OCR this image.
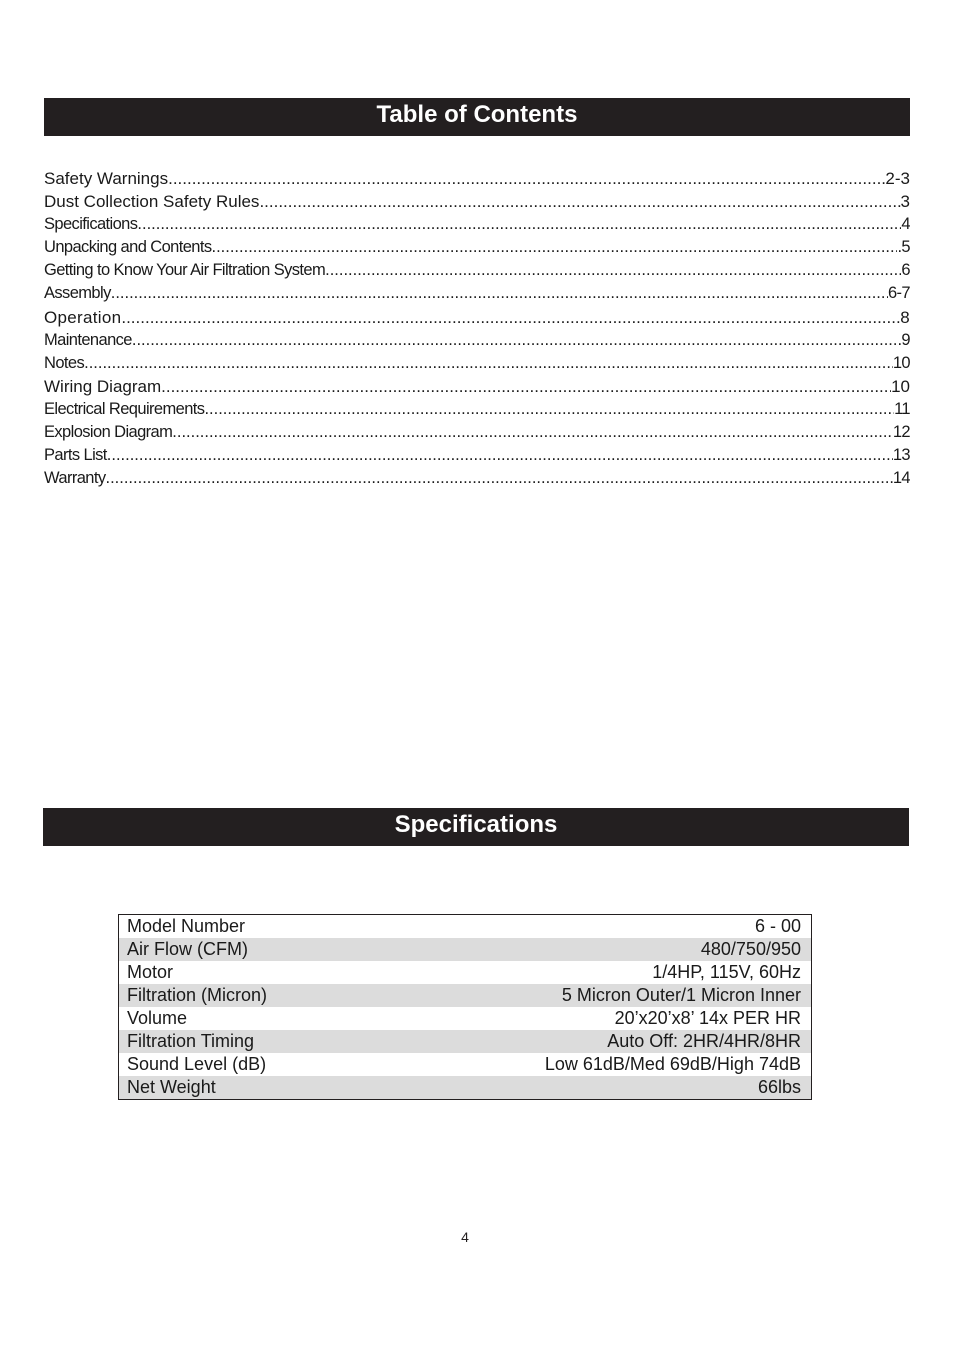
Table of Contents
Safety Warnings .....	2-3
Dust Collection Safety Rules .....	3
Specifications .....	4
Unpacking and Contents .....	.5
Getting to Know Your Air Filtration System .....	6
Assembly .....	6-7
Operation .....	8
Maintenance .....	9
Notes .....	10
Wiring Diagram .....	10
Electrical Requirements .....	11
Explosion Diagram .....	12
Parts List .....	13
Warranty .....	14
Specifications
Model Number	6 - 00
Air Flow (CFM)	480/750/950
Motor	1/4HP, 115V, 60Hz
Filtration (Micron)	5 Micron Outer/1 Micron Inner
Volume	20’x20’x8’ 14x PER HR
Filtration Timing	Auto Off: 2HR/4HR/8HR
Sound Level (dB)	Low 61dB/Med 69dB/High 74dB
Net Weight	66lbs
4
